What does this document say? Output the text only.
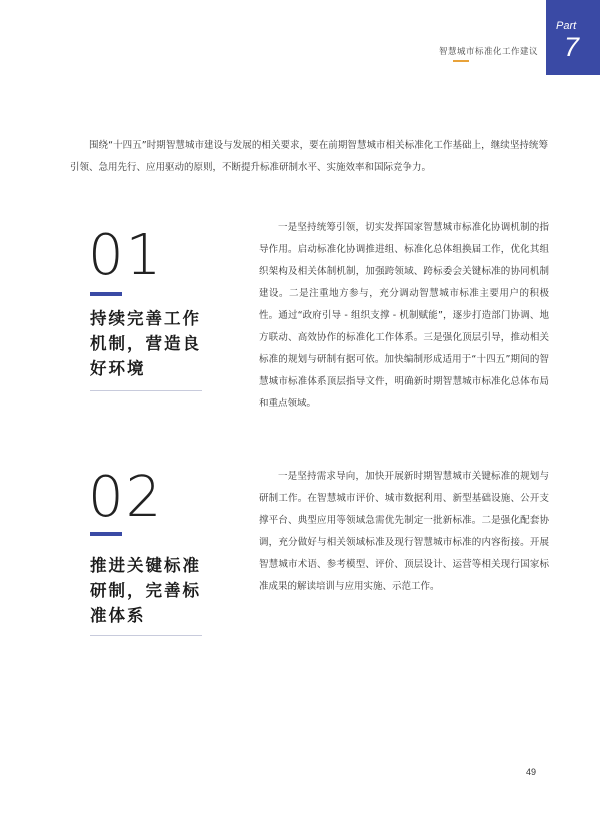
Part
7
智慧城市标准化工作建议

围绕“十四五”时期智慧城市建设与发展的相关要求，要在前期智慧城市相关标准化工作基础上，继续坚持统筹引领、急用先行、应用驱动的原则，不断提升标准研制水平、实施效率和国际竞争力。

01
持续完善工作机制，营造良好环境

一是坚持统筹引领，切实发挥国家智慧城市标准化协调机制的指导作用。启动标准化协调推进组、标准化总体组换届工作，优化其组织架构及相关体制机制，加强跨领域、跨标委会关键标准的协同机制建设。二是注重地方参与，充分调动智慧城市标准主要用户的积极性。通过“政府引导 - 组织支撑 - 机制赋能”，逐步打造部门协调、地方联动、高效协作的标准化工作体系。三是强化顶层引导，推动相关标准的规划与研制有据可依。加快编制形成适用于“十四五”期间的智慧城市标准体系顶层指导文件，明确新时期智慧城市标准化总体布局和重点领域。

02
推进关键标准研制，完善标准体系

一是坚持需求导向，加快开展新时期智慧城市关键标准的规划与研制工作。在智慧城市评价、城市数据利用、新型基础设施、公开支撑平台、典型应用等领域急需优先制定一批新标准。二是强化配套协调，充分做好与相关领域标准及现行智慧城市标准的内容衔接。开展智慧城市术语、参考模型、评价、顶层设计、运营等相关现行国家标准成果的解读培训与应用实施、示范工作。

49
